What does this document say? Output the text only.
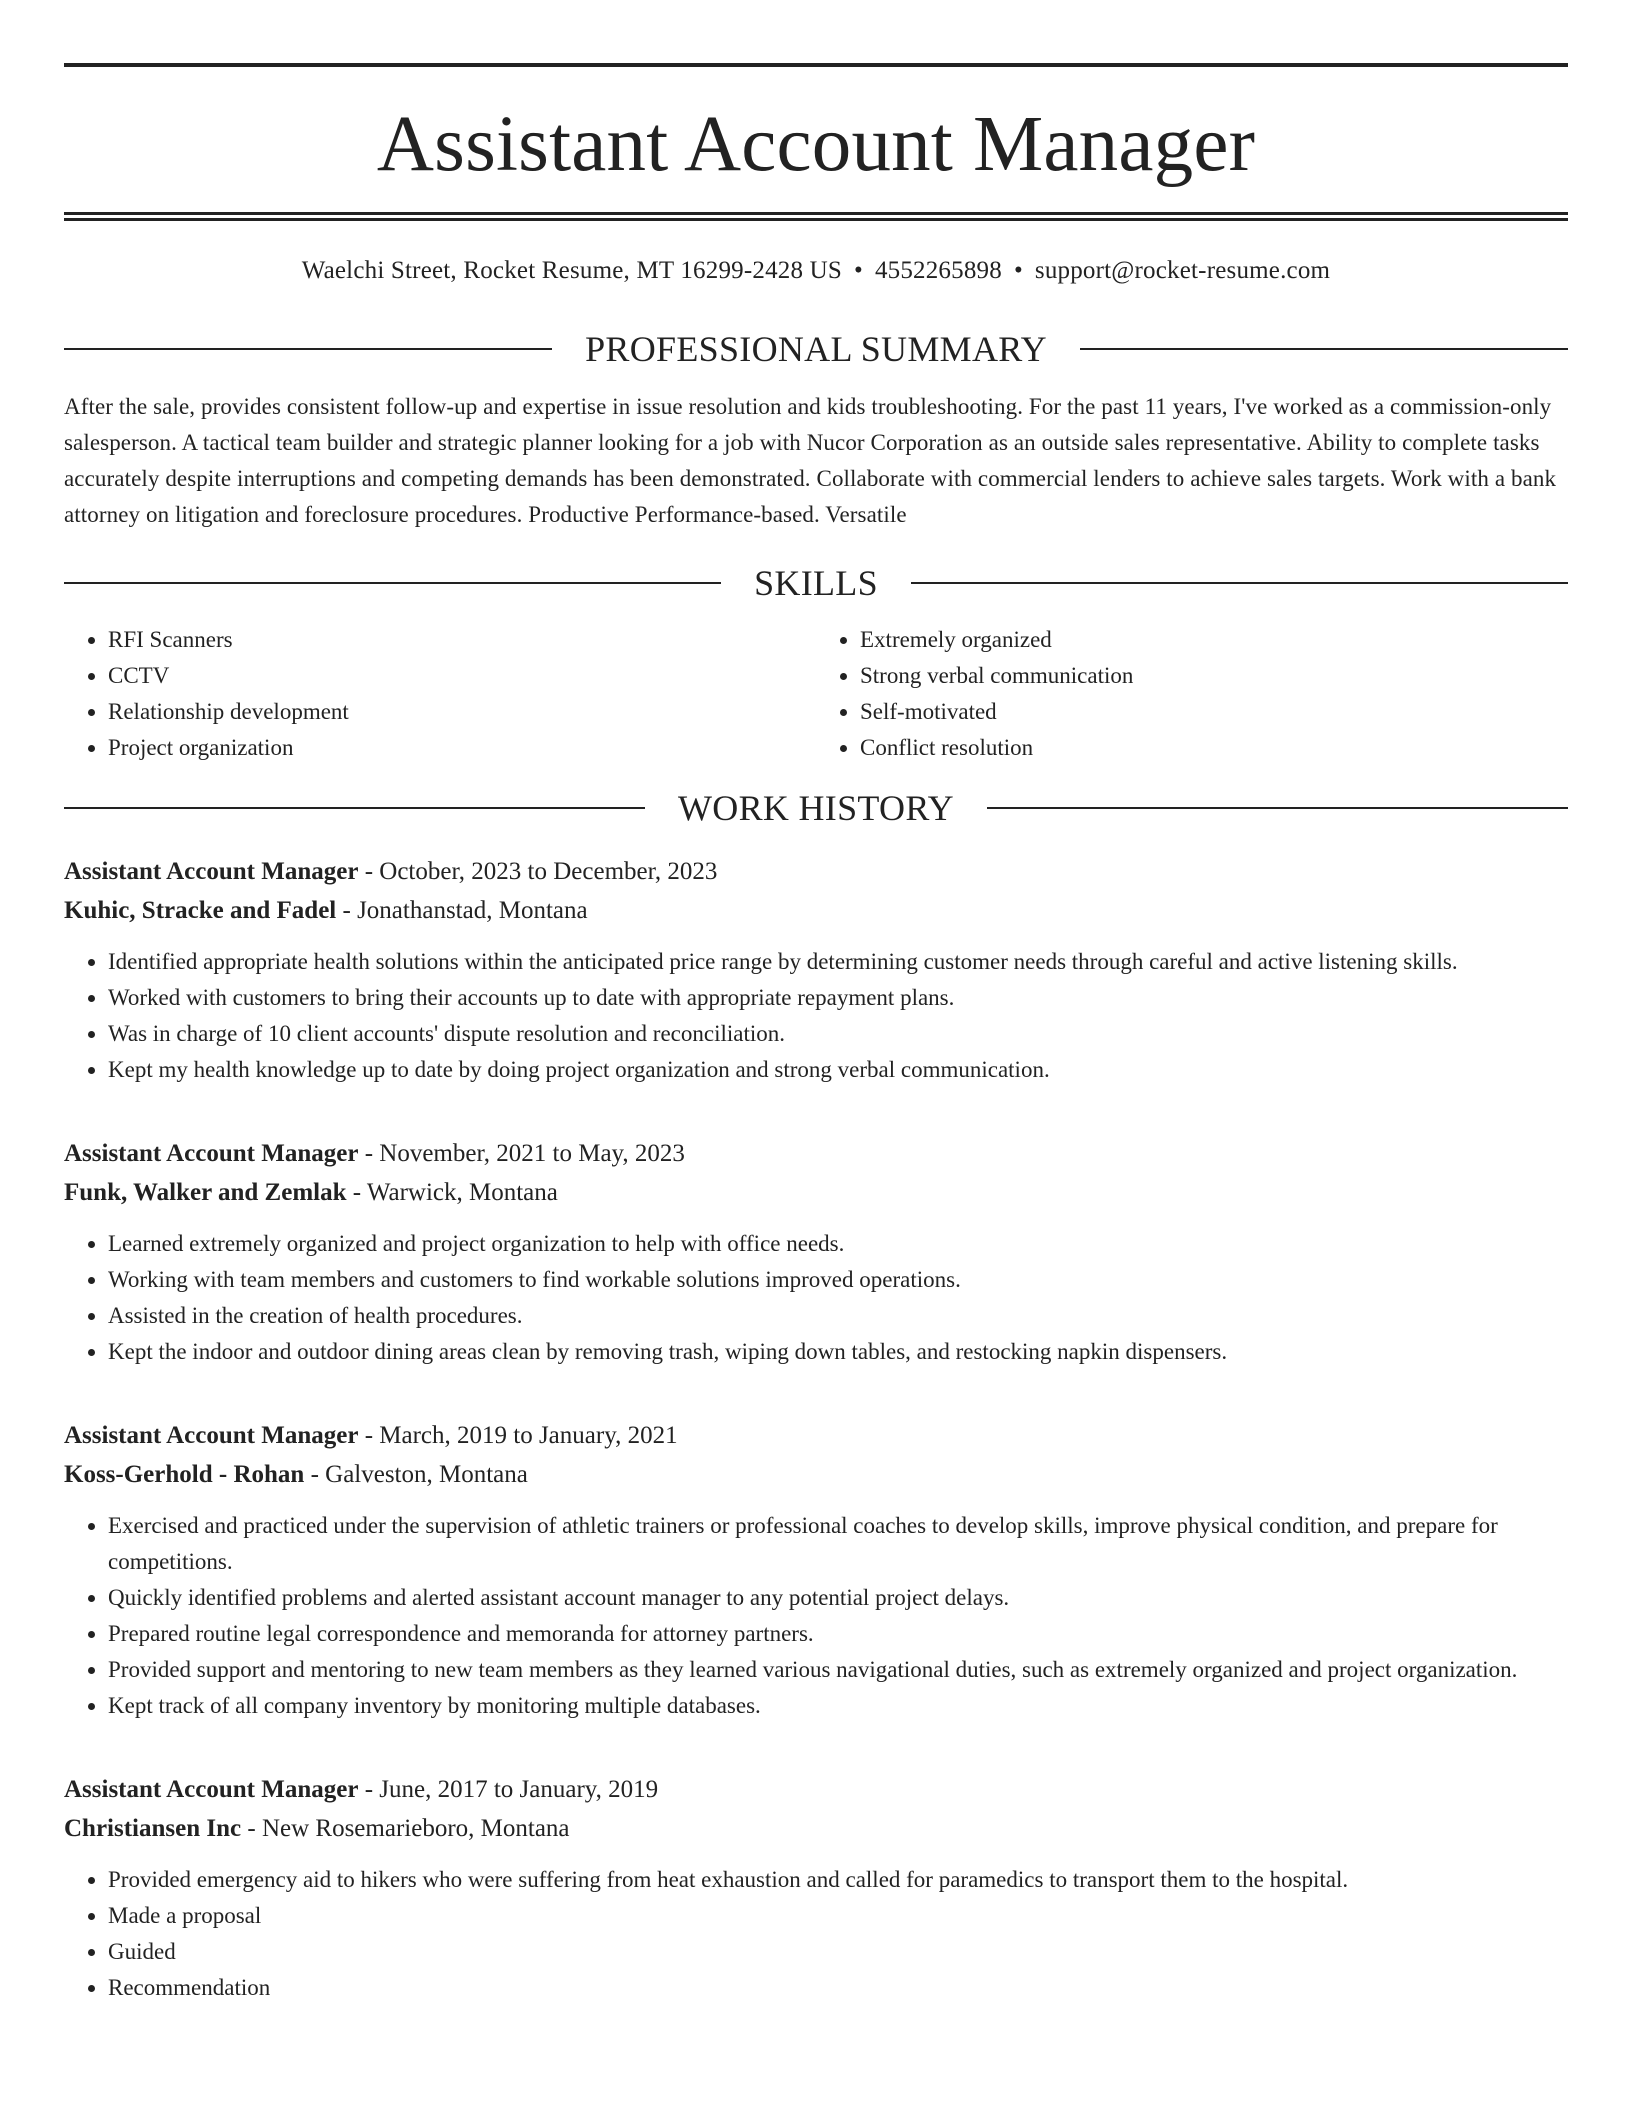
Assistant Account Manager
Waelchi Street, Rocket Resume, MT 16299-2428 US • 4552265898 • support@rocket-resume.com
PROFESSIONAL SUMMARY
After the sale, provides consistent follow-up and expertise in issue resolution and kids troubleshooting. For the past 11 years, I've worked as a commission-only salesperson. A tactical team builder and strategic planner looking for a job with Nucor Corporation as an outside sales representative. Ability to complete tasks accurately despite interruptions and competing demands has been demonstrated. Collaborate with commercial lenders to achieve sales targets. Work with a bank attorney on litigation and foreclosure procedures. Productive Performance-based. Versatile
SKILLS
• RFI Scanners
• CCTV
• Relationship development
• Project organization
• Extremely organized
• Strong verbal communication
• Self-motivated
• Conflict resolution
WORK HISTORY
Assistant Account Manager - October, 2023 to December, 2023
Kuhic, Stracke and Fadel - Jonathanstad, Montana
• Identified appropriate health solutions within the anticipated price range by determining customer needs through careful and active listening skills.
• Worked with customers to bring their accounts up to date with appropriate repayment plans.
• Was in charge of 10 client accounts' dispute resolution and reconciliation.
• Kept my health knowledge up to date by doing project organization and strong verbal communication.
Assistant Account Manager - November, 2021 to May, 2023
Funk, Walker and Zemlak - Warwick, Montana
• Learned extremely organized and project organization to help with office needs.
• Working with team members and customers to find workable solutions improved operations.
• Assisted in the creation of health procedures.
• Kept the indoor and outdoor dining areas clean by removing trash, wiping down tables, and restocking napkin dispensers.
Assistant Account Manager - March, 2019 to January, 2021
Koss-Gerhold - Rohan - Galveston, Montana
• Exercised and practiced under the supervision of athletic trainers or professional coaches to develop skills, improve physical condition, and prepare for competitions.
• Quickly identified problems and alerted assistant account manager to any potential project delays.
• Prepared routine legal correspondence and memoranda for attorney partners.
• Provided support and mentoring to new team members as they learned various navigational duties, such as extremely organized and project organization.
• Kept track of all company inventory by monitoring multiple databases.
Assistant Account Manager - June, 2017 to January, 2019
Christiansen Inc - New Rosemarieboro, Montana
• Provided emergency aid to hikers who were suffering from heat exhaustion and called for paramedics to transport them to the hospital.
• Made a proposal
• Guided
• Recommendation
